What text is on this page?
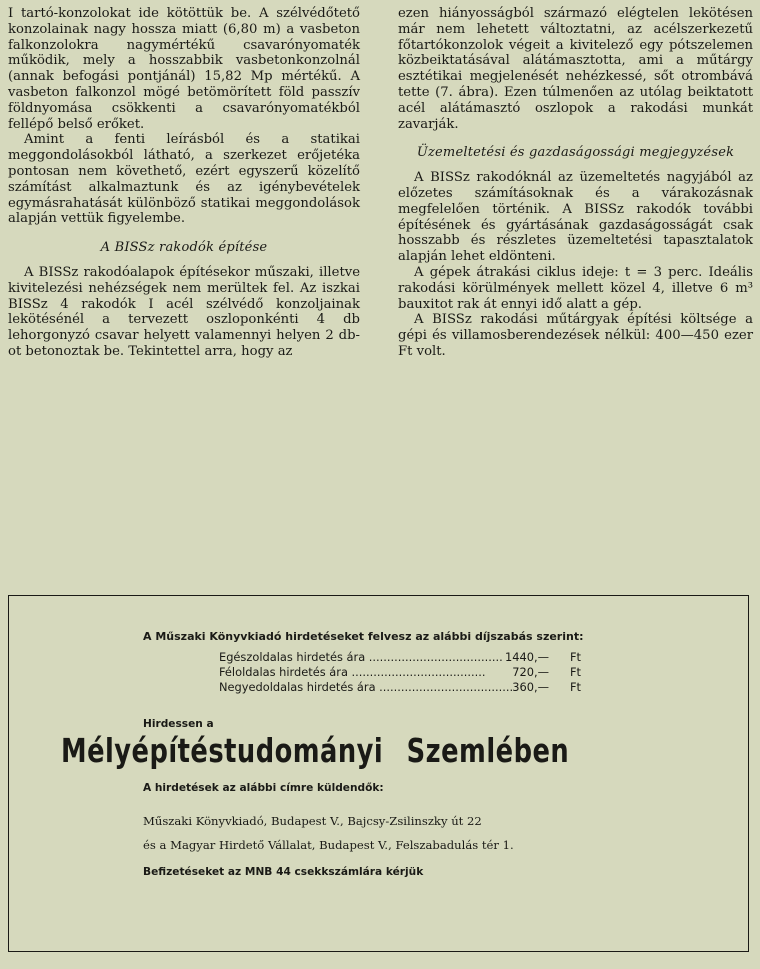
I tartó-konzolokat ide kötöttük be. A szélvédőtető konzolainak nagy hossza miatt (6,80 m) a vasbeton falkonzolokra nagymértékű csavarónyomaték működik, mely a hosszabbik vasbetonkonzolnál (annak befogási pontjánál) 15,82 Mp mértékű. A vasbeton falkonzol mögé betömörített föld passzív földnyomása csökkenti a csavarónyomatékból fellépő belső erőket.

Amint a fenti leírásból és a statikai meggondolásokból látható, a szerkezet erőjetéka pontosan nem követhető, ezért egyszerű közelítő számítást alkalmaztunk és az igénybevételek egymásrahatását különböző statikai meggondolások alapján vettük figyelembe.

A BISSz rakodók építése

A BISSz rakodóalapok építésekor műszaki, illetve kivitelezési nehézségek nem merültek fel. Az iszkai BISSz 4 rakodók I acél szélvédő konzoljainak lekötésénél a tervezett oszloponkénti 4 db lehorgonyzó csavar helyett valamennyi helyen 2 db-ot betonoztak be. Tekintettel arra, hogy az

ezen hiányosságból származó elégtelen lekötésen már nem lehetett változtatni, az acélszerkezetű főtartókonzolok végeit a kivitelező egy pótszelemen közbeiktatásával alátámasztotta, ami a műtárgy esztétikai megjelenését nehézkessé, sőt otrombává tette (7. ábra). Ezen túlmenően az utólag beiktatott acél alátámasztó oszlopok a rakodási munkát zavarják.

Üzemeltetési és gazdaságossági megjegyzések

A BISSz rakodóknál az üzemeltetés nagyjából az előzetes számításoknak és a várakozásnak megfelelően történik. A BISSz rakodók további építésének és gyártásának gazdaságosságát csak hosszabb és részletes üzemeltetési tapasztalatok alapján lehet eldönteni.

A gépek átrakási ciklus ideje: t = 3 perc. Ideális rakodási körülmények mellett közel 4, illetve 6 m³ bauxitot rak át ennyi idő alatt a gép.

A BISSz rakodási műtárgyak építési költsége a gépi és villamosberendezések nélkül: 400—450 ezer Ft volt.

A Műszaki Könyvkiadó hirdetéseket felvesz az alábbi díjszabás szerint:
Egészoldalas hirdetés ára ..................................... 1440,—	Ft
Féloldalas hirdetés ára .....................................	720,—	Ft
Negyedoldalas hirdetés ára ..................................... 360,—	Ft
Hirdessen a
Mélyépítéstudományi Szemlében
A hirdetések az alábbi címre küldendők:
Műszaki Könyvkiadó, Budapest V., Bajcsy-Zsilinszky út 22
és a Magyar Hirdető Vállalat, Budapest V., Felszabadulás tér 1.
Befizetéseket az MNB 44 csekkszámlára kérjük
